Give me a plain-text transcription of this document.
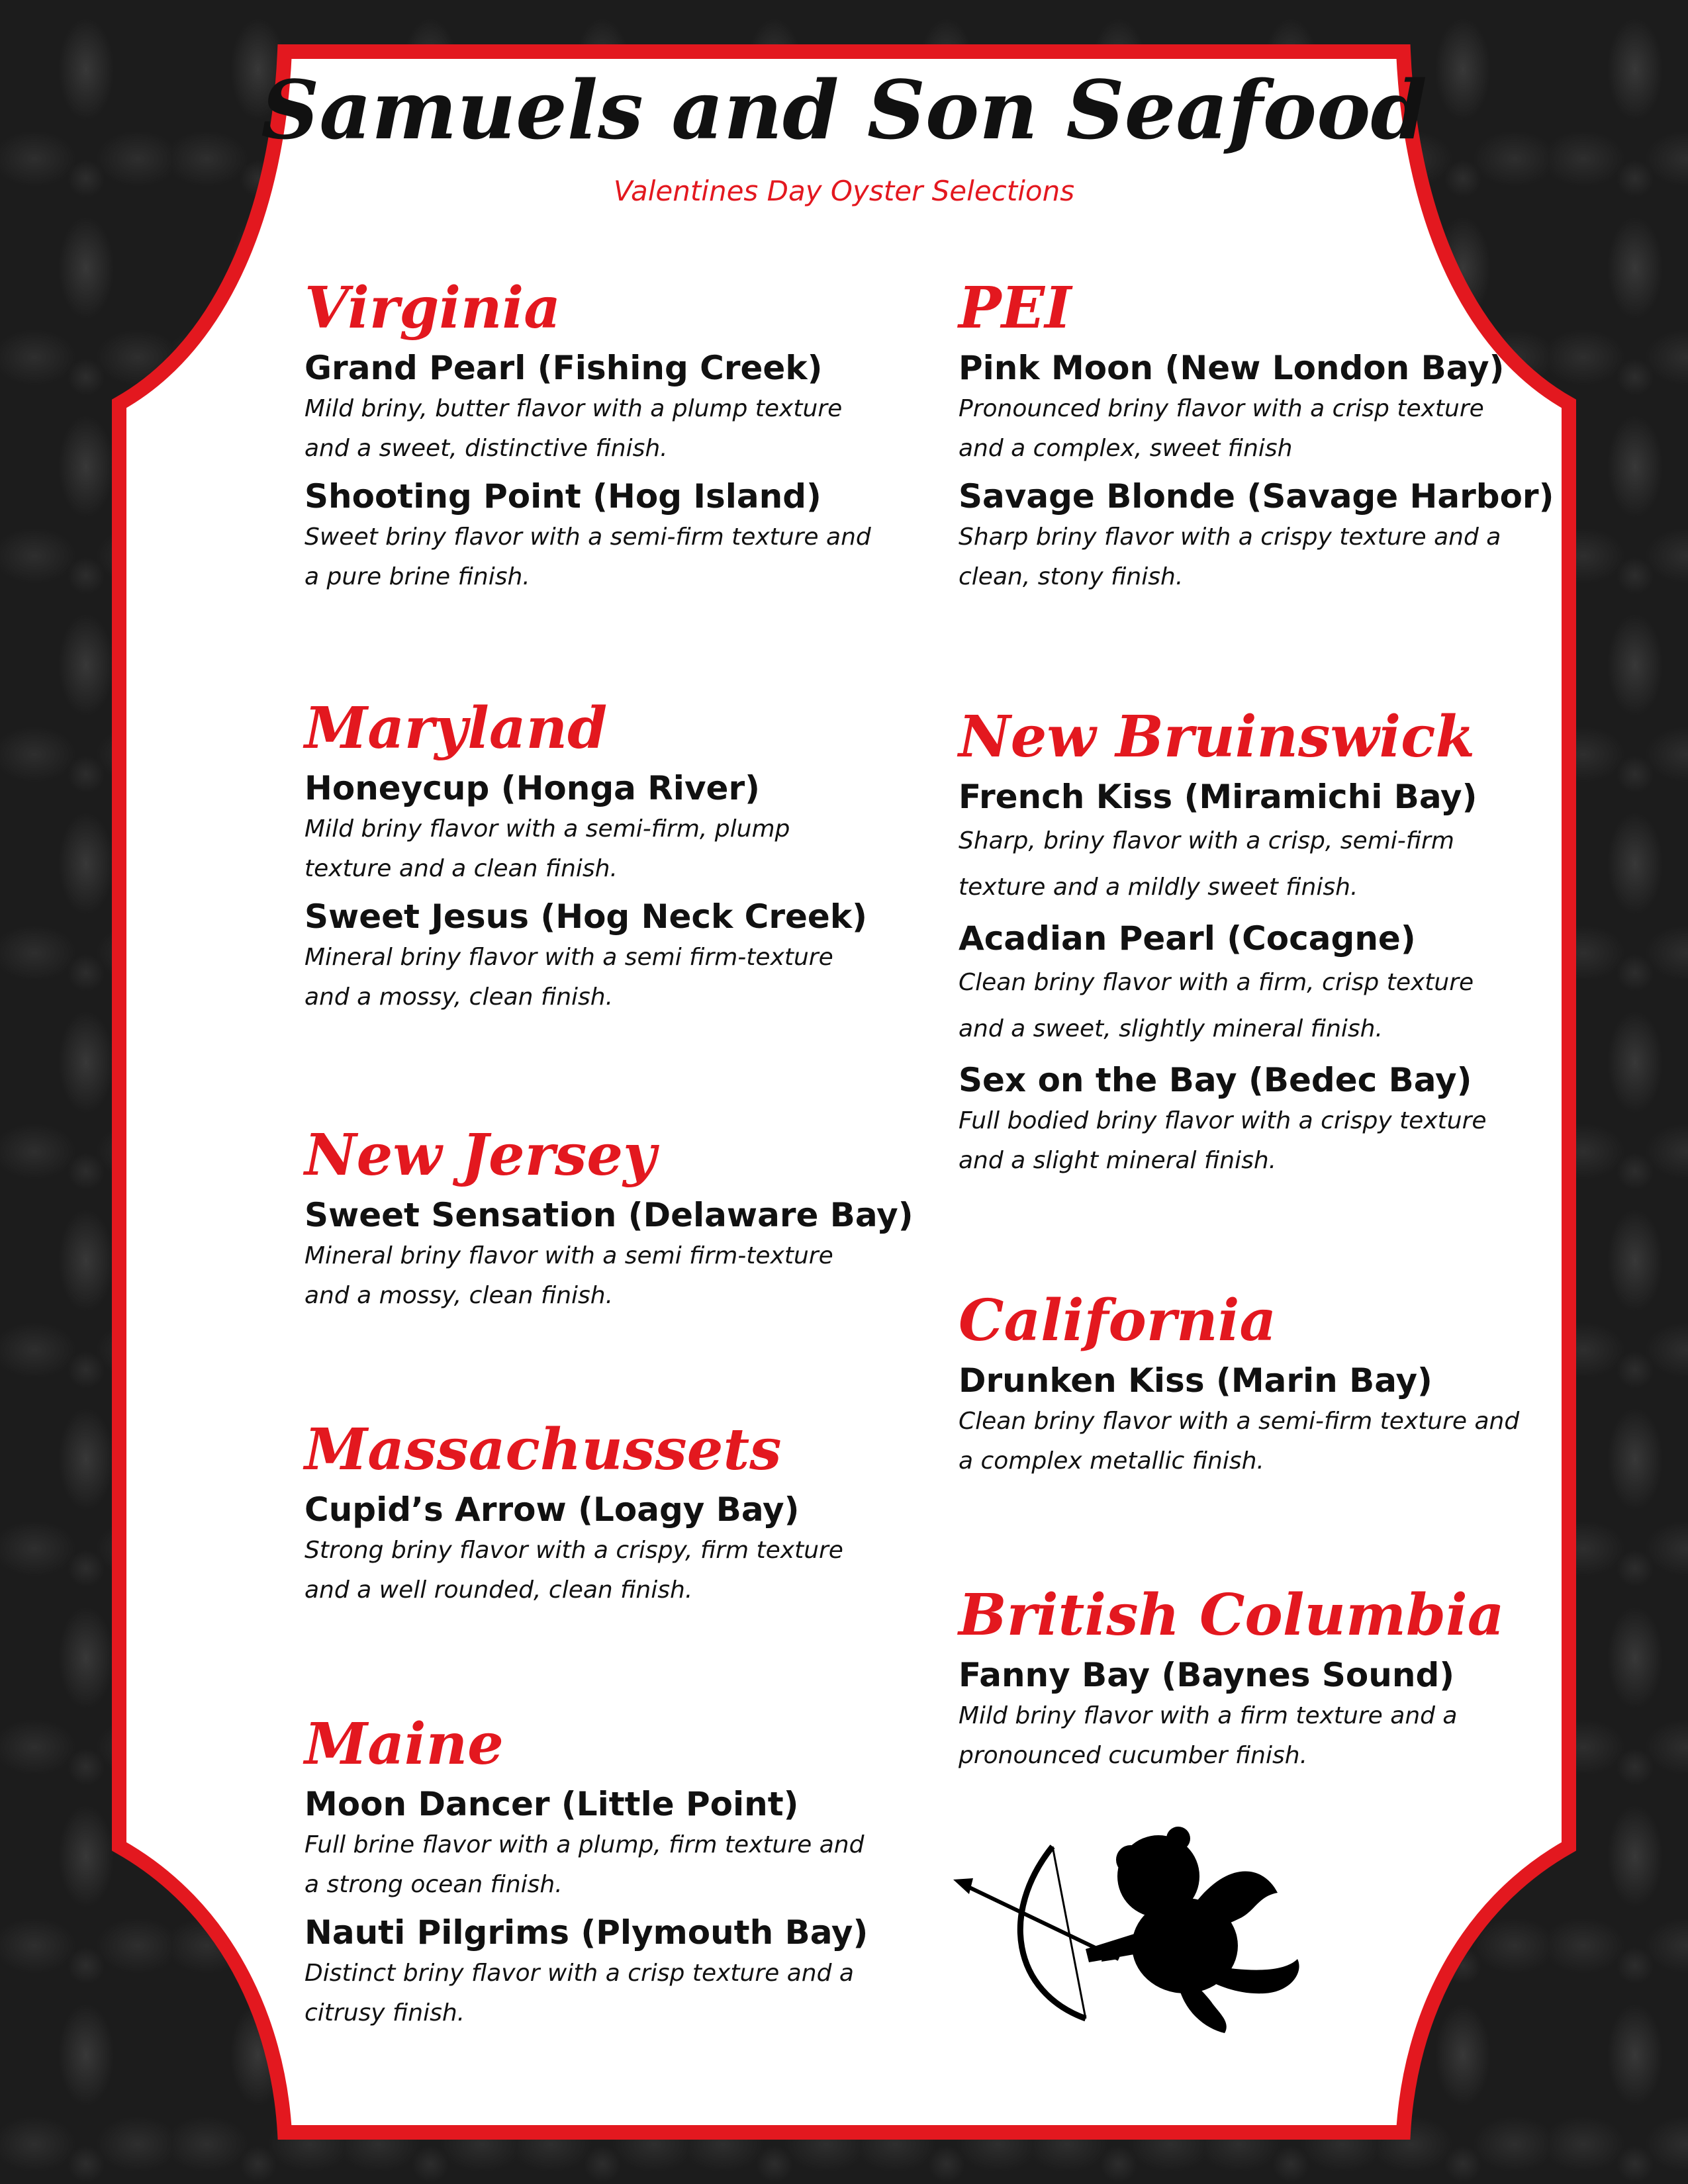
Samuels and Son Seafood
Valentines Day Oyster Selections
Virginia
Grand Pearl (Fishing Creek)
Mild briny, butter flavor with a plump texture
and a sweet, distinctive finish.
Shooting Point (Hog Island)
Sweet briny flavor with a semi-firm texture and
a pure brine finish.
Maryland
Honeycup (Honga River)
Mild briny flavor with a semi-firm, plump
texture and a clean finish.
Sweet Jesus (Hog Neck Creek)
Mineral briny flavor with a semi firm-texture
and a mossy, clean finish.
New Jersey
Sweet Sensation (Delaware Bay)
Mineral briny flavor with a semi firm-texture
and a mossy, clean finish.
Massachussets
Cupid’s Arrow (Loagy Bay)
Strong briny flavor with a crispy, firm texture
and a well rounded, clean finish.
Maine
Moon Dancer (Little Point)
Full brine flavor with a plump, firm texture and
a strong ocean finish.
Nauti Pilgrims (Plymouth Bay)
Distinct briny flavor with a crisp texture and a
citrusy finish.
PEI
Pink Moon (New London Bay)
Pronounced briny flavor with a crisp texture
and a complex, sweet finish
Savage Blonde (Savage Harbor)
Sharp briny flavor with a crispy texture and a
clean, stony finish.
New Bruinswick
French Kiss (Miramichi Bay)
Sharp, briny flavor with a crisp, semi-firm
texture and a mildly sweet finish.
Acadian Pearl (Cocagne)
Clean briny flavor with a firm, crisp texture
and a sweet, slightly mineral finish.
Sex on the Bay (Bedec Bay)
Full bodied briny flavor with a crispy texture
and a slight mineral finish.
California
Drunken Kiss (Marin Bay)
Clean briny flavor with a semi-firm texture and
a complex metallic finish.
British Columbia
Fanny Bay (Baynes Sound)
Mild briny flavor with a firm texture and a
pronounced cucumber finish.
